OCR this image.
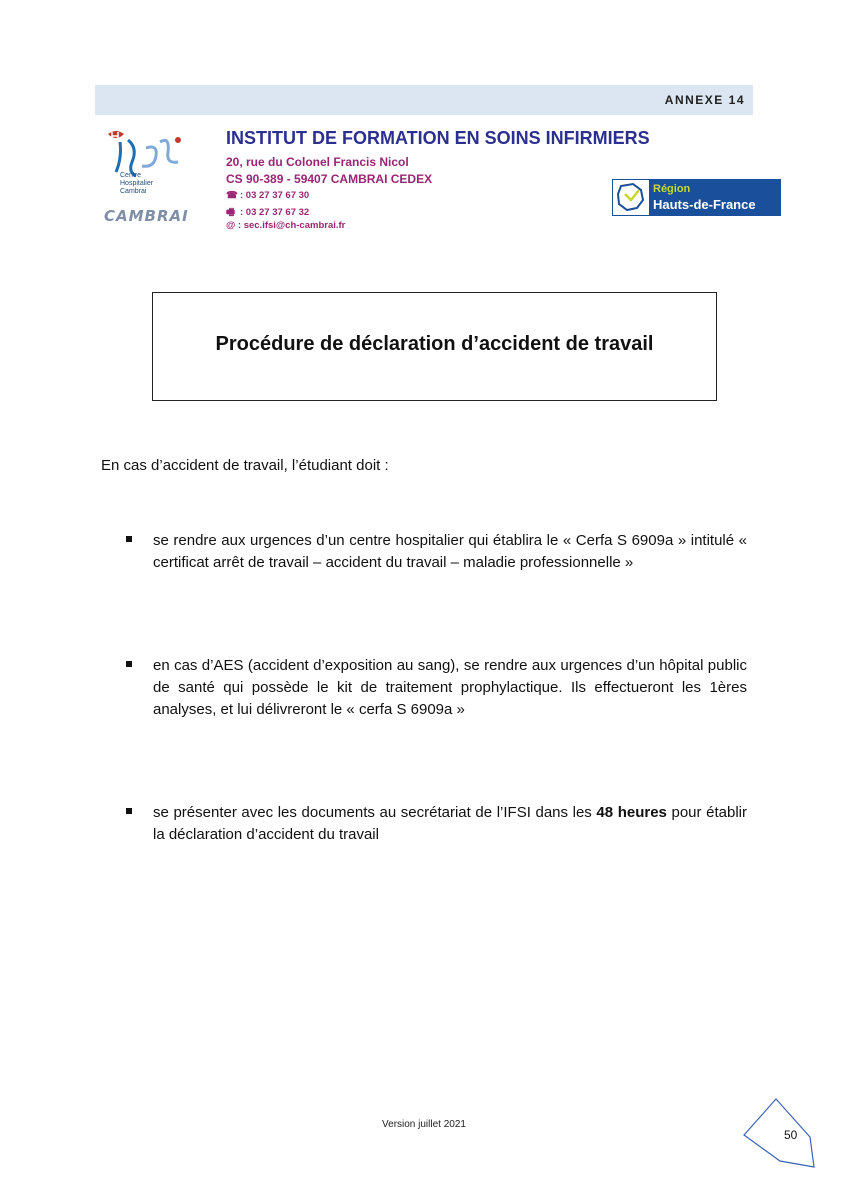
ANNEXE 14
Centre
Hospitalier
Cambrai
CAMBRAI
INSTITUT DE FORMATION EN SOINS INFIRMIERS
20, rue du Colonel Francis Nicol
CS 90-389 - 59407 CAMBRAI CEDEX
☎ : 03 27 37 67 30
🖷 : 03 27 37 67 32
@ : sec.ifsi@ch-cambrai.fr
Région
Hauts-de-France
Procédure de déclaration d’accident de travail
En cas d’accident de travail, l’étudiant doit :
se rendre aux urgences d’un centre hospitalier qui établira le « Cerfa S 6909a » intitulé « certificat arrêt de travail – accident du travail – maladie professionnelle »
en cas d’AES (accident d’exposition au sang), se rendre aux urgences d’un hôpital public de santé qui possède le kit de traitement prophylactique. Ils effectueront les 1ères analyses, et lui délivreront le « cerfa S 6909a »
se présenter avec les documents au secrétariat de l’IFSI dans les 48 heures pour établir la déclaration d’accident du travail
Version juillet 2021
50
